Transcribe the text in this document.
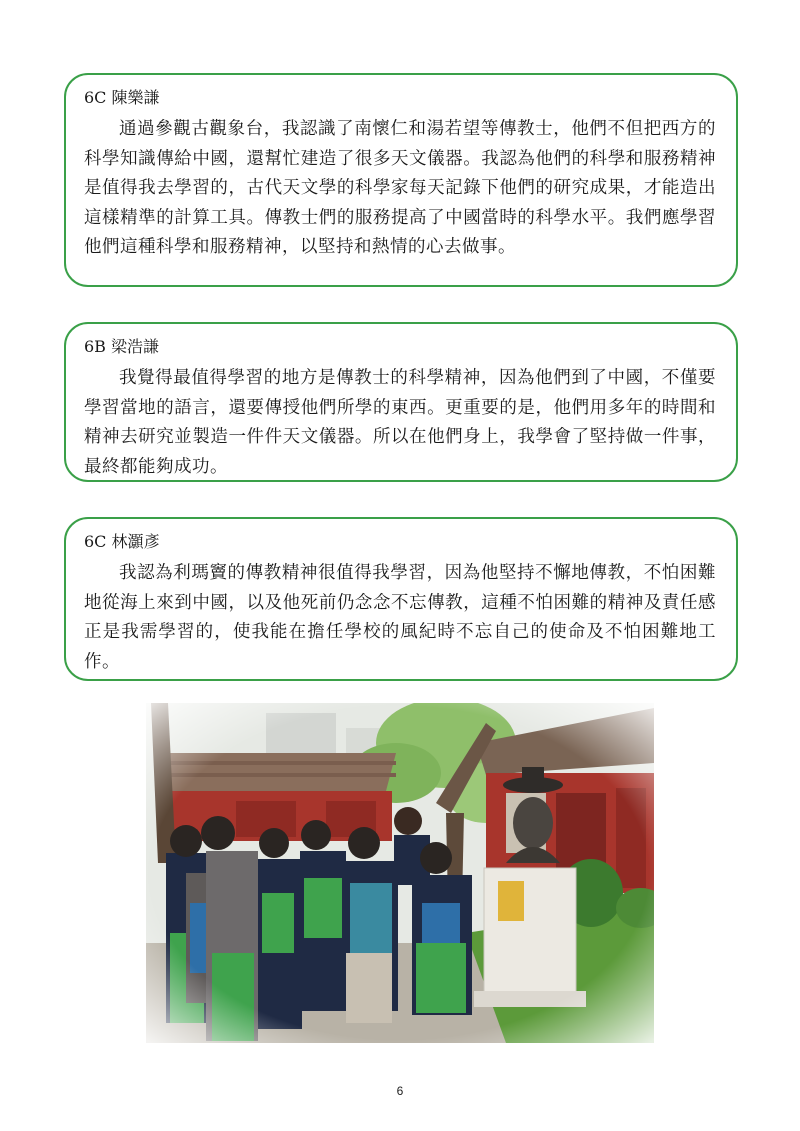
6C 陳樂謙
通過參觀古觀象台，我認識了南懷仁和湯若望等傳教士，他們不但把西方的科學知識傳給中國，還幫忙建造了很多天文儀器。我認為他們的科學和服務精神是值得我去學習的，古代天文學的科學家每天記錄下他們的研究成果，才能造出這樣精準的計算工具。傳教士們的服務提高了中國當時的科學水平。我們應學習他們這種科學和服務精神，以堅持和熱情的心去做事。
6B 梁浩謙
我覺得最值得學習的地方是傳教士的科學精神，因為他們到了中國，不僅要學習當地的語言，還要傳授他們所學的東西。更重要的是，他們用多年的時間和精神去研究並製造一件件天文儀器。所以在他們身上，我學會了堅持做一件事，最終都能夠成功。
6C 林灝彥
我認為利瑪竇的傳教精神很值得我學習，因為他堅持不懈地傳教，不怕困難地從海上來到中國，以及他死前仍念念不忘傳教，這種不怕困難的精神及責任感正是我需學習的，使我能在擔任學校的風紀時不忘自己的使命及不怕困難地工作。
6
